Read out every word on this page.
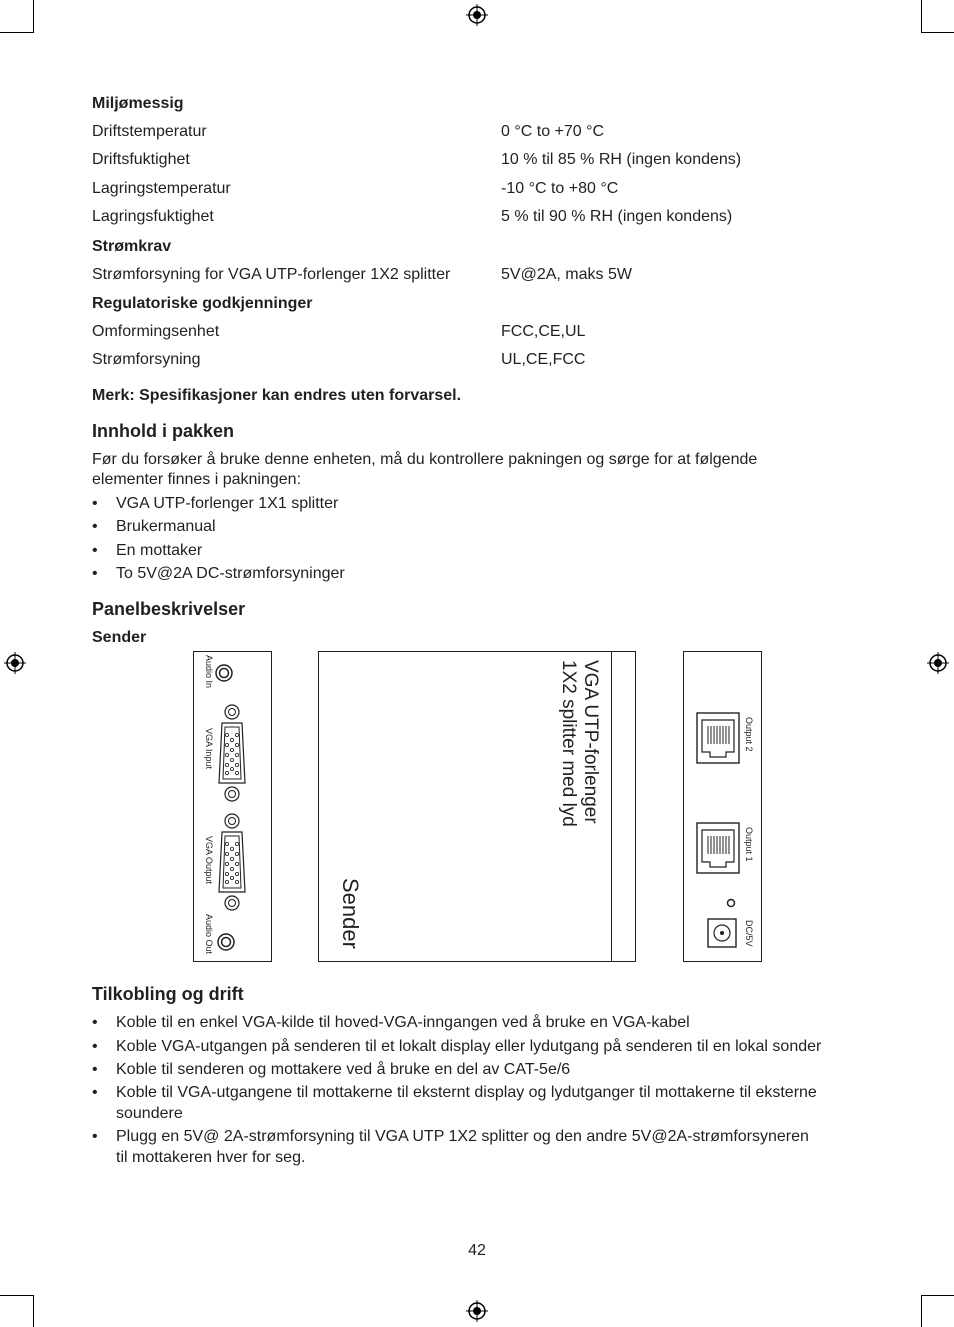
Miljømessig
Driftstemperatur	0 °C to +70 °C
Driftsfuktighet	10 % til 85 % RH (ingen kondens)
Lagringstemperatur	-10 °C to +80 °C
Lagringsfuktighet	5 % til 90 % RH (ingen kondens)
Strømkrav
Strømforsyning for VGA UTP-forlenger 1X2 splitter	5V@2A, maks 5W
Regulatoriske godkjenninger
Omformingsenhet	FCC,CE,UL
Strømforsyning	UL,CE,FCC
Merk: Spesifikasjoner kan endres uten forvarsel.
Innhold i pakken
Før du forsøker å bruke denne enheten, må du kontrollere pakningen og sørge for at følgende
elementer finnes i pakningen:
• VGA UTP-forlenger 1X1 splitter
• Brukermanual
• En mottaker
• To 5V@2A DC-strømforsyninger
Panelbeskrivelser
Sender
Audio In
VGA Input
VGA Output
Audio Out
VGA UTP-forlenger
1X2 splitter med lyd
Sender
Output 2
Output 1
DC/5V
Tilkobling og drift
• Koble til en enkel VGA-kilde til hoved-VGA-inngangen ved å bruke en VGA-kabel
• Koble VGA-utgangen på senderen til et lokalt display eller lydutgang på senderen til en lokal sonder
• Koble til senderen og mottakere ved å bruke en del av CAT-5e/6
• Koble til VGA-utgangene til mottakerne til eksternt display og lydutganger til mottakerne til eksterne
soundere
• Plugg en 5V@ 2A-strømforsyning til VGA UTP 1X2 splitter og den andre 5V@2A-strømforsyneren
til mottakeren hver for seg.
42
